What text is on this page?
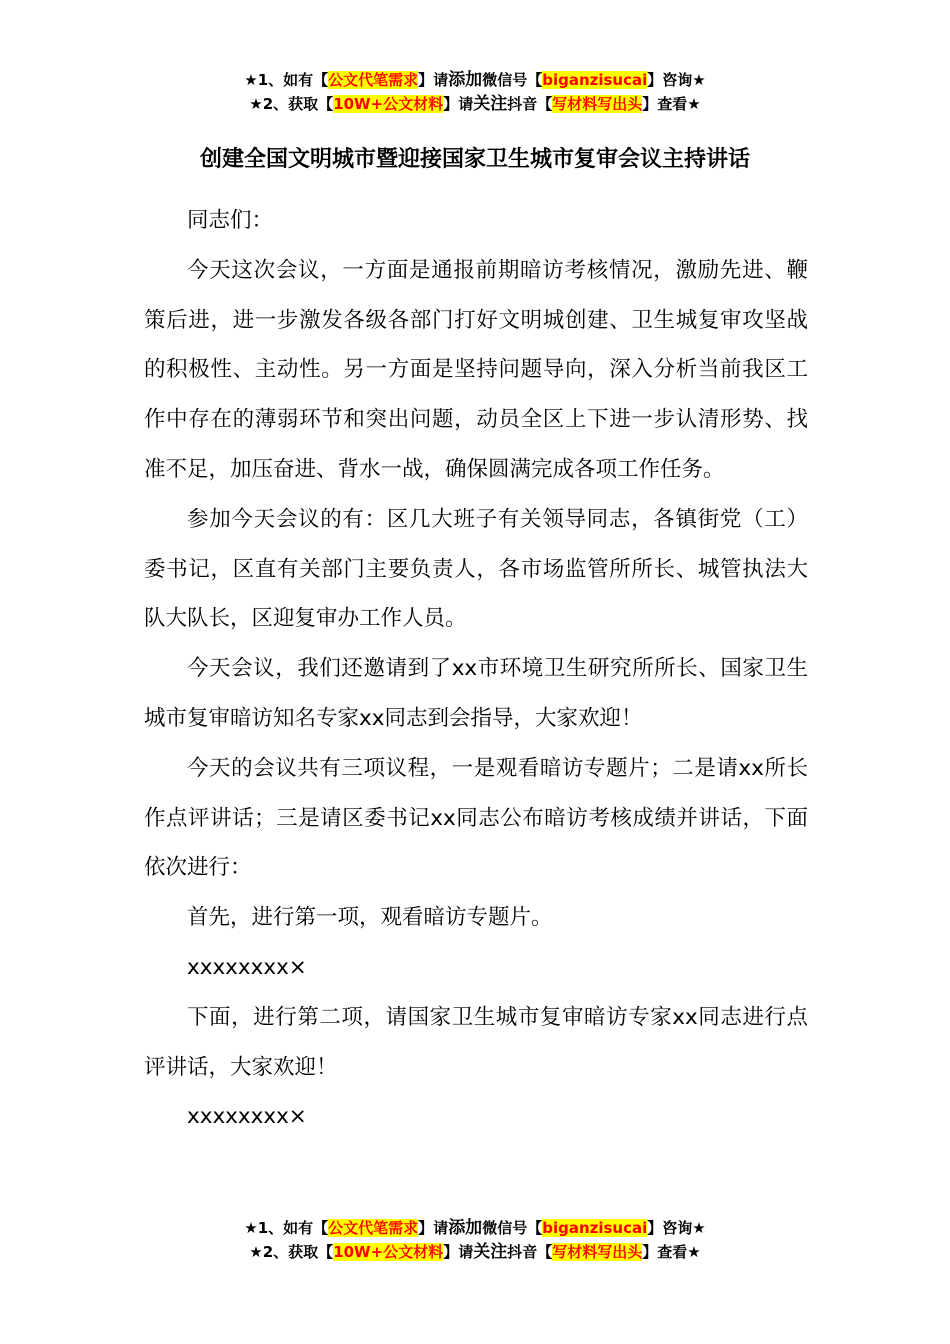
★1、如有【公文代笔需求】请添加微信号【biganzisucai】咨询★
★2、获取【10W+公文材料】请关注抖音【写材料写出头】查看★
创建全国文明城市暨迎接国家卫生城市复审会议主持讲话

同志们：

今天这次会议，一方面是通报前期暗访考核情况，激励先进、鞭策后进，进一步激发各级各部门打好文明城创建、卫生城复审攻坚战的积极性、主动性。另一方面是坚持问题导向，深入分析当前我区工作中存在的薄弱环节和突出问题，动员全区上下进一步认清形势、找准不足，加压奋进、背水一战，确保圆满完成各项工作任务。

参加今天会议的有：区几大班子有关领导同志，各镇街党（工）委书记，区直有关部门主要负责人，各市场监管所所长、城管执法大队大队长，区迎复审办工作人员。

今天会议，我们还邀请到了xx市环境卫生研究所所长、国家卫生城市复审暗访知名专家xx同志到会指导，大家欢迎！

今天的会议共有三项议程，一是观看暗访专题片；二是请xx所长作点评讲话；三是请区委书记xx同志公布暗访考核成绩并讲话，下面依次进行：

首先，进行第一项，观看暗访专题片。

xxxxxxxx×

下面，进行第二项，请国家卫生城市复审暗访专家xx同志进行点评讲话，大家欢迎！

xxxxxxxx×

★1、如有【公文代笔需求】请添加微信号【biganzisucai】咨询★
★2、获取【10W+公文材料】请关注抖音【写材料写出头】查看★
